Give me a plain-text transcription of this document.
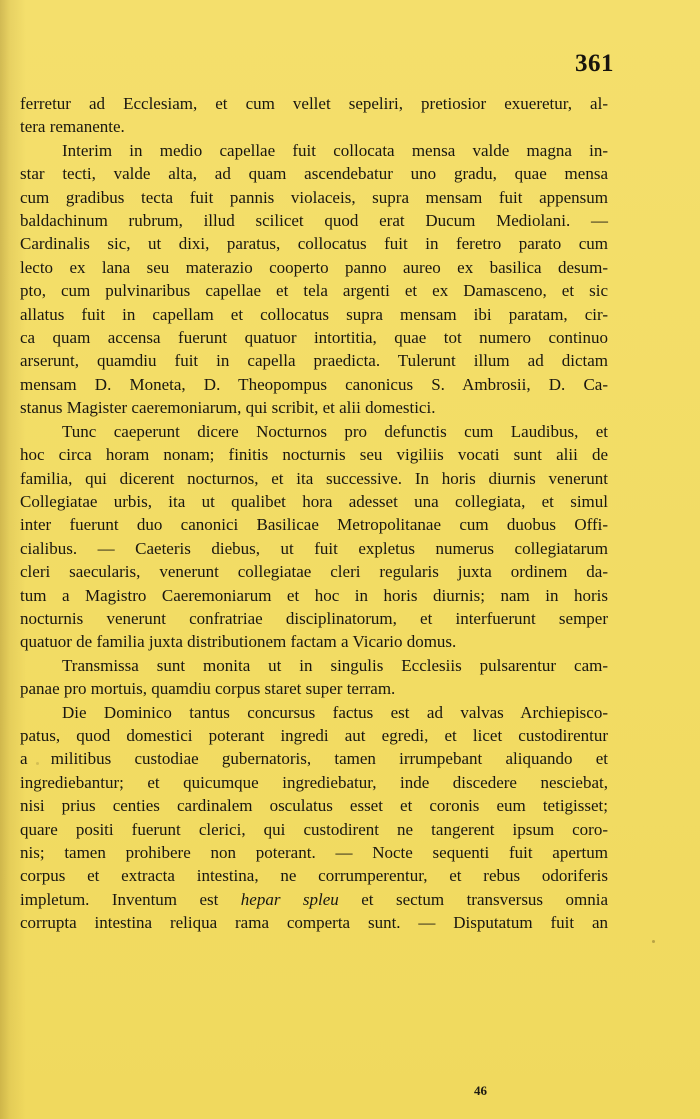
361
ferretur ad Ecclesiam, et cum vellet sepeliri, pretiosior exueretur, al-
tera remanente.
Interim in medio capellae fuit collocata mensa valde magna in-
star tecti, valde alta, ad quam ascendebatur uno gradu, quae mensa
cum gradibus tecta fuit pannis violaceis, supra mensam fuit appensum
baldachinum rubrum, illud scilicet quod erat Ducum Mediolani. —
Cardinalis sic, ut dixi, paratus, collocatus fuit in feretro parato cum
lecto ex lana seu materazio cooperto panno aureo ex basilica desum-
pto, cum pulvinaribus capellae et tela argenti et ex Damasceno, et sic
allatus fuit in capellam et collocatus supra mensam ibi paratam, cir-
ca quam accensa fuerunt quatuor intortitia, quae tot numero continuo
arserunt, quamdiu fuit in capella praedicta. Tulerunt illum ad dictam
mensam D. Moneta, D. Theopompus canonicus S. Ambrosii, D. Ca-
stanus Magister caeremoniarum, qui scribit, et alii domestici.
Tunc caeperunt dicere Nocturnos pro defunctis cum Laudibus, et
hoc circa horam nonam; finitis nocturnis seu vigiliis vocati sunt alii de
familia, qui dicerent nocturnos, et ita successive. In horis diurnis venerunt
Collegiatae urbis, ita ut qualibet hora adesset una collegiata, et simul
inter fuerunt duo canonici Basilicae Metropolitanae cum duobus Offi-
cialibus. — Caeteris diebus, ut fuit expletus numerus collegiatarum
cleri saecularis, venerunt collegiatae cleri regularis juxta ordinem da-
tum a Magistro Caeremoniarum et hoc in horis diurnis; nam in horis
nocturnis venerunt confratriae disciplinatorum, et interfuerunt semper
quatuor de familia juxta distributionem factam a Vicario domus.
Transmissa sunt monita ut in singulis Ecclesiis pulsarentur cam-
panae pro mortuis, quamdiu corpus staret super terram.
Die Dominico tantus concursus factus est ad valvas Archiepisco-
patus, quod domestici poterant ingredi aut egredi, et licet custodirentur
a militibus custodiae gubernatoris, tamen irrumpebant aliquando et
ingrediebantur; et quicumque ingrediebatur, inde discedere nesciebat,
nisi prius centies cardinalem osculatus esset et coronis eum tetigisset;
quare positi fuerunt clerici, qui custodirent ne tangerent ipsum coro-
nis; tamen prohibere non poterant. — Nocte sequenti fuit apertum
corpus et extracta intestina, ne corrumperentur, et rebus odoriferis
impletum. Inventum est hepar spleu et sectum transversus omnia
corrupta intestina reliqua rama comperta sunt. — Disputatum fuit an
46
